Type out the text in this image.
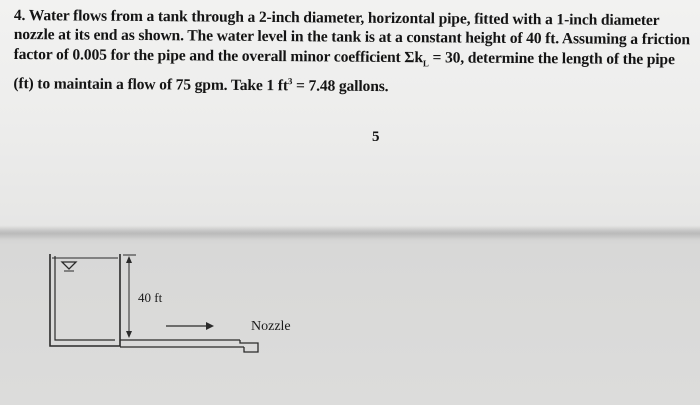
4. Water flows from a tank through a 2-inch diameter, horizontal pipe, fitted with a 1-inch diameter
nozzle at its end as shown. The water level in the tank is at a constant height of 40 ft. Assuming a friction
factor of 0.005 for the pipe and the overall minor coefficient $\Sigma k_L = 30$, determine the length of the pipe
(ft) to maintain a flow of 75 gpm. Take 1 $ft^3 = 7.48$ gallons.

5

40 ft
Nozzle
